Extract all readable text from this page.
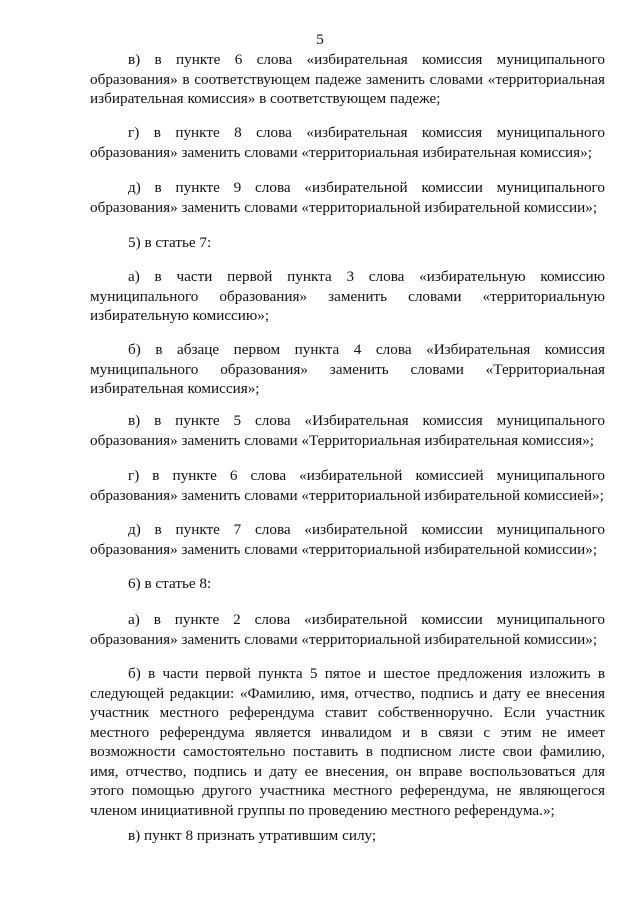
5

в) в пункте 6 слова «избирательная комиссия муниципального образования» в соответствующем падеже заменить словами «территориальная избирательная комиссия» в соответствующем падеже;

г) в пункте 8 слова «избирательная комиссия муниципального образования» заменить словами «территориальная избирательная комиссия»;

д) в пункте 9 слова «избирательной комиссии муниципального образования» заменить словами «территориальной избирательной комиссии»;

5) в статье 7:

а) в части первой пункта 3 слова «избирательную комиссию муниципального образования» заменить словами «территориальную избирательную комиссию»;

б) в абзаце первом пункта 4 слова «Избирательная комиссия муниципального образования» заменить словами «Территориальная избирательная комиссия»;

в) в пункте 5 слова «Избирательная комиссия муниципального образования» заменить словами «Территориальная избирательная комиссия»;

г) в пункте 6 слова «избирательной комиссией муниципального образования» заменить словами «территориальной избирательной комиссией»;

д) в пункте 7 слова «избирательной комиссии муниципального образования» заменить словами «территориальной избирательной комиссии»;

6) в статье 8:

а) в пункте 2 слова «избирательной комиссии муниципального образования» заменить словами «территориальной избирательной комиссии»;

б) в части первой пункта 5 пятое и шестое предложения изложить в следующей редакции: «Фамилию, имя, отчество, подпись и дату ее внесения участник местного референдума ставит собственноручно. Если участник местного референдума является инвалидом и в связи с этим не имеет возможности самостоятельно поставить в подписном листе свои фамилию, имя, отчество, подпись и дату ее внесения, он вправе воспользоваться для этого помощью другого участника местного референдума, не являющегося членом инициативной группы по проведению местного референдума.»;

в) пункт 8 признать утратившим силу;
